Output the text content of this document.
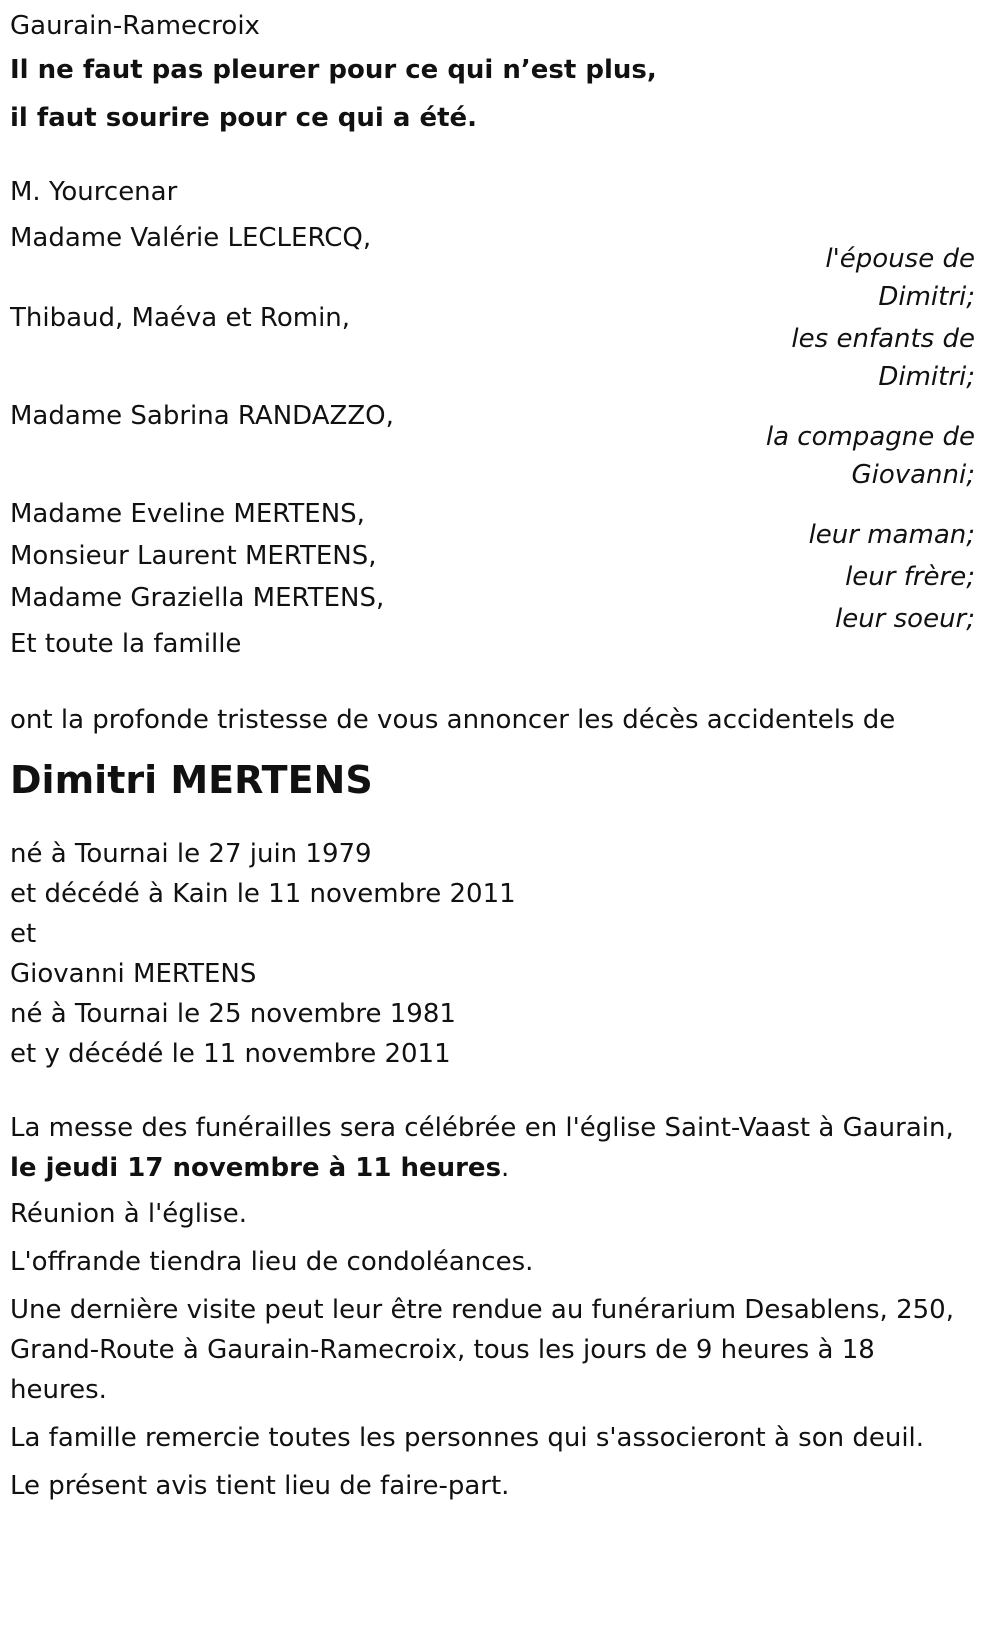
Gaurain-Ramecroix
Il ne faut pas pleurer pour ce qui n’est plus,
il faut sourire pour ce qui a été.
M. Yourcenar
Madame Valérie LECLERCQ,
l'épouse de Dimitri;
Thibaud, Maéva et Romin,
les enfants de Dimitri;
Madame Sabrina RANDAZZO,
la compagne de Giovanni;
Madame Eveline MERTENS,
leur maman;
Monsieur Laurent MERTENS,
leur frère;
Madame Graziella MERTENS,
leur soeur;
Et toute la famille
ont la profonde tristesse de vous annoncer les décès accidentels de
Dimitri MERTENS
né à Tournai le 27 juin 1979
et décédé à Kain le 11 novembre 2011
et
Giovanni MERTENS
né à Tournai le 25 novembre 1981
et y décédé le 11 novembre 2011
La messe des funérailles sera célébrée en l'église Saint-Vaast à Gaurain,
le jeudi 17 novembre à 11 heures.
Réunion à l'église.
L'offrande tiendra lieu de condoléances.
Une dernière visite peut leur être rendue au funérarium Desablens, 250, Grand-Route à Gaurain-Ramecroix, tous les jours de 9 heures à 18 heures.
La famille remercie toutes les personnes qui s'associeront à son deuil.
Le présent avis tient lieu de faire-part.
